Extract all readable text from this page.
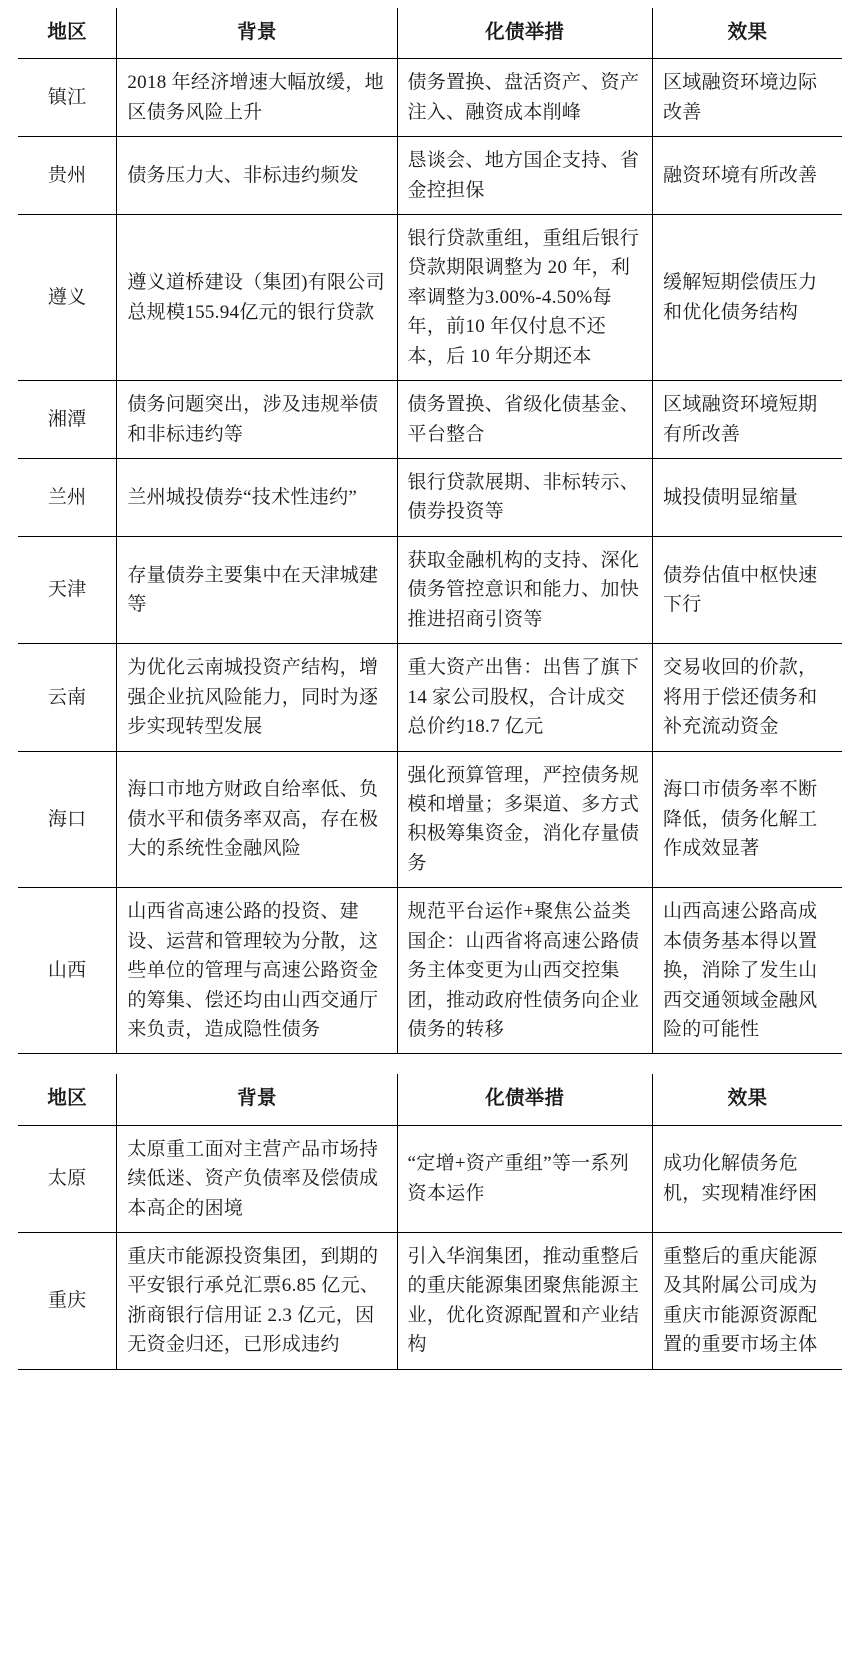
地区	背景	化债举措	效果
镇江	2018 年经济增速大幅放缓，地区债务风险上升	债务置换、盘活资产、资产注入、融资成本削峰	区域融资环境边际改善
贵州	债务压力大、非标违约频发	恳谈会、地方国企支持、省金控担保	融资环境有所改善
遵义	遵义道桥建设（集团)有限公司总规模155.94亿元的银行贷款	银行贷款重组，重组后银行贷款期限调整为 20 年，利率调整为3.00%-4.50%每年，前10 年仅付息不还本，后 10 年分期还本	缓解短期偿债压力和优化债务结构
湘潭	债务问题突出，涉及违规举债和非标违约等	债务置换、省级化债基金、平台整合	区域融资环境短期有所改善
兰州	兰州城投债券“技术性违约”	银行贷款展期、非标转示、债券投资等	城投债明显缩量
天津	存量债券主要集中在天津城建等	获取金融机构的支持、深化债务管控意识和能力、加快推进招商引资等	债券估值中枢快速下行
云南	为优化云南城投资产结构，增强企业抗风险能力，同时为逐步实现转型发展	重大资产出售：出售了旗下 14 家公司股权，合计成交总价约18.7 亿元	交易收回的价款，将用于偿还债务和补充流动资金
海口	海口市地方财政自给率低、负债水平和债务率双高，存在极大的系统性金融风险	强化预算管理，严控债务规模和增量；多渠道、多方式积极筹集资金，消化存量债务	海口市债务率不断降低，债务化解工作成效显著
山西	山西省高速公路的投资、建设、运营和管理较为分散，这些单位的管理与高速公路资金的筹集、偿还均由山西交通厅来负责，造成隐性债务	规范平台运作+聚焦公益类国企：山西省将高速公路债务主体变更为山西交控集团，推动政府性债务向企业债务的转移	山西高速公路高成本债务基本得以置换，消除了发生山西交通领域金融风险的可能性
地区	背景	化债举措	效果
太原	太原重工面对主营产品市场持续低迷、资产负债率及偿债成本高企的困境	“定增+资产重组”等一系列资本运作	成功化解债务危机，实现精准纾困
重庆	重庆市能源投资集团，到期的平安银行承兑汇票6.85 亿元、浙商银行信用证 2.3 亿元，因无资金归还，已形成违约	引入华润集团，推动重整后的重庆能源集团聚焦能源主业，优化资源配置和产业结构	重整后的重庆能源及其附属公司成为重庆市能源资源配置的重要市场主体
